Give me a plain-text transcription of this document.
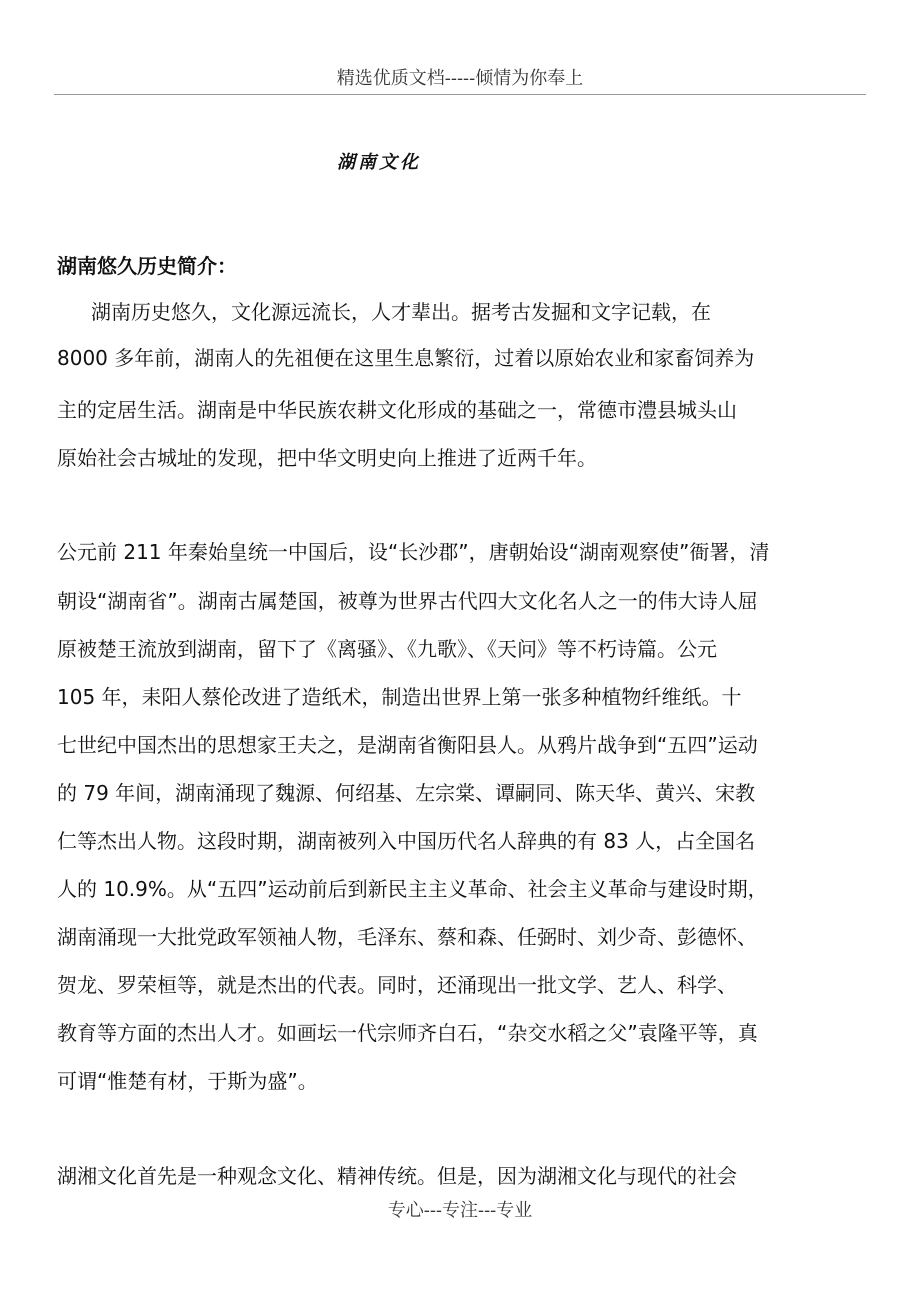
精选优质文档-----倾情为你奉上
湖南文化
湖南悠久历史简介：
湖南历史悠久，文化源远流长，人才辈出。据考古发掘和文字记载，在
8000 多年前，湖南人的先祖便在这里生息繁衍，过着以原始农业和家畜饲养为
主的定居生活。湖南是中华民族农耕文化形成的基础之一，常德市澧县城头山
原始社会古城址的发现，把中华文明史向上推进了近两千年。
公元前 211 年秦始皇统一中国后，设“长沙郡”，唐朝始设“湖南观察使”衙署，清
朝设“湖南省”。湖南古属楚国，被尊为世界古代四大文化名人之一的伟大诗人屈
原被楚王流放到湖南，留下了《离骚》、《九歌》、《天问》等不朽诗篇。公元
105 年，耒阳人蔡伦改进了造纸术，制造出世界上第一张多种植物纤维纸。十
七世纪中国杰出的思想家王夫之，是湖南省衡阳县人。从鸦片战争到“五四”运动
的 79 年间，湖南涌现了魏源、何绍基、左宗棠、谭嗣同、陈天华、黄兴、宋教
仁等杰出人物。这段时期，湖南被列入中国历代名人辞典的有 83 人，占全国名
人的 10.9%。从“五四”运动前后到新民主主义革命、社会主义革命与建设时期，
湖南涌现一大批党政军领袖人物，毛泽东、蔡和森、任弼时、刘少奇、彭德怀、
贺龙、罗荣桓等，就是杰出的代表。同时，还涌现出一批文学、艺人、科学、
教育等方面的杰出人才。如画坛一代宗师齐白石，“杂交水稻之父”袁隆平等，真
可谓“惟楚有材，于斯为盛”。
湖湘文化首先是一种观念文化、精神传统。但是，因为湖湘文化与现代的社会
专心---专注---专业
